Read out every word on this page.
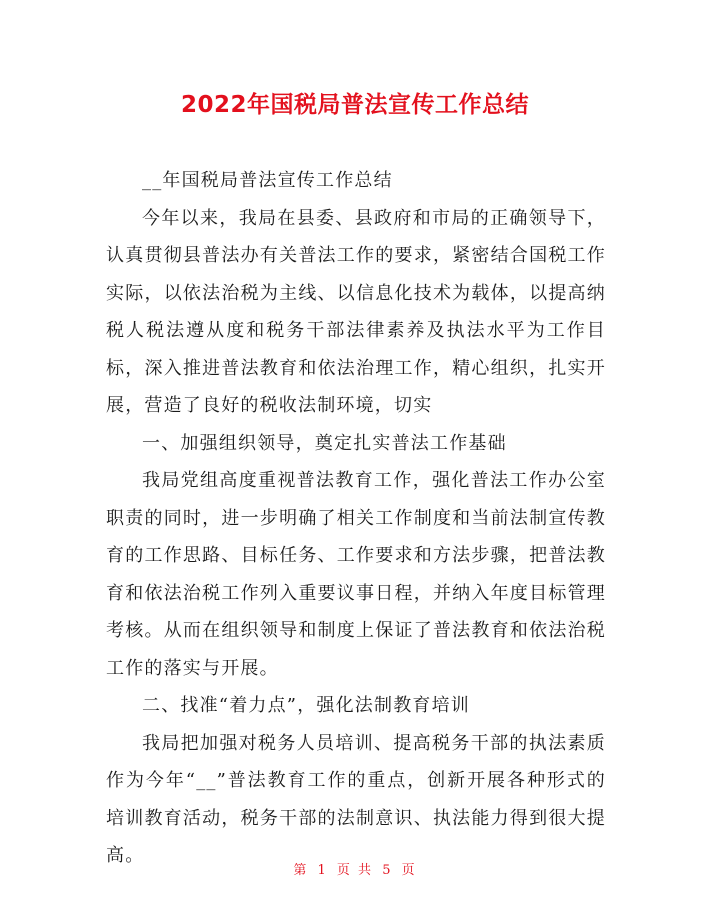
2022年国税局普法宣传工作总结

__年国税局普法宣传工作总结

今年以来，我局在县委、县政府和市局的正确领导下，认真贯彻县普法办有关普法工作的要求，紧密结合国税工作实际，以依法治税为主线、以信息化技术为载体，以提高纳税人税法遵从度和税务干部法律素养及执法水平为工作目标，深入推进普法教育和依法治理工作，精心组织，扎实开展，营造了良好的税收法制环境，切实

一、加强组织领导，奠定扎实普法工作基础

我局党组高度重视普法教育工作，强化普法工作办公室职责的同时，进一步明确了相关工作制度和当前法制宣传教育的工作思路、目标任务、工作要求和方法步骤，把普法教育和依法治税工作列入重要议事日程，并纳入年度目标管理考核。从而在组织领导和制度上保证了普法教育和依法治税工作的落实与开展。

二、找准“着力点”，强化法制教育培训

我局把加强对税务人员培训、提高税务干部的执法素质作为今年“__”普法教育工作的重点，创新开展各种形式的培训教育活动，税务干部的法制意识、执法能力得到很大提高。

第 1 页 共 5 页
